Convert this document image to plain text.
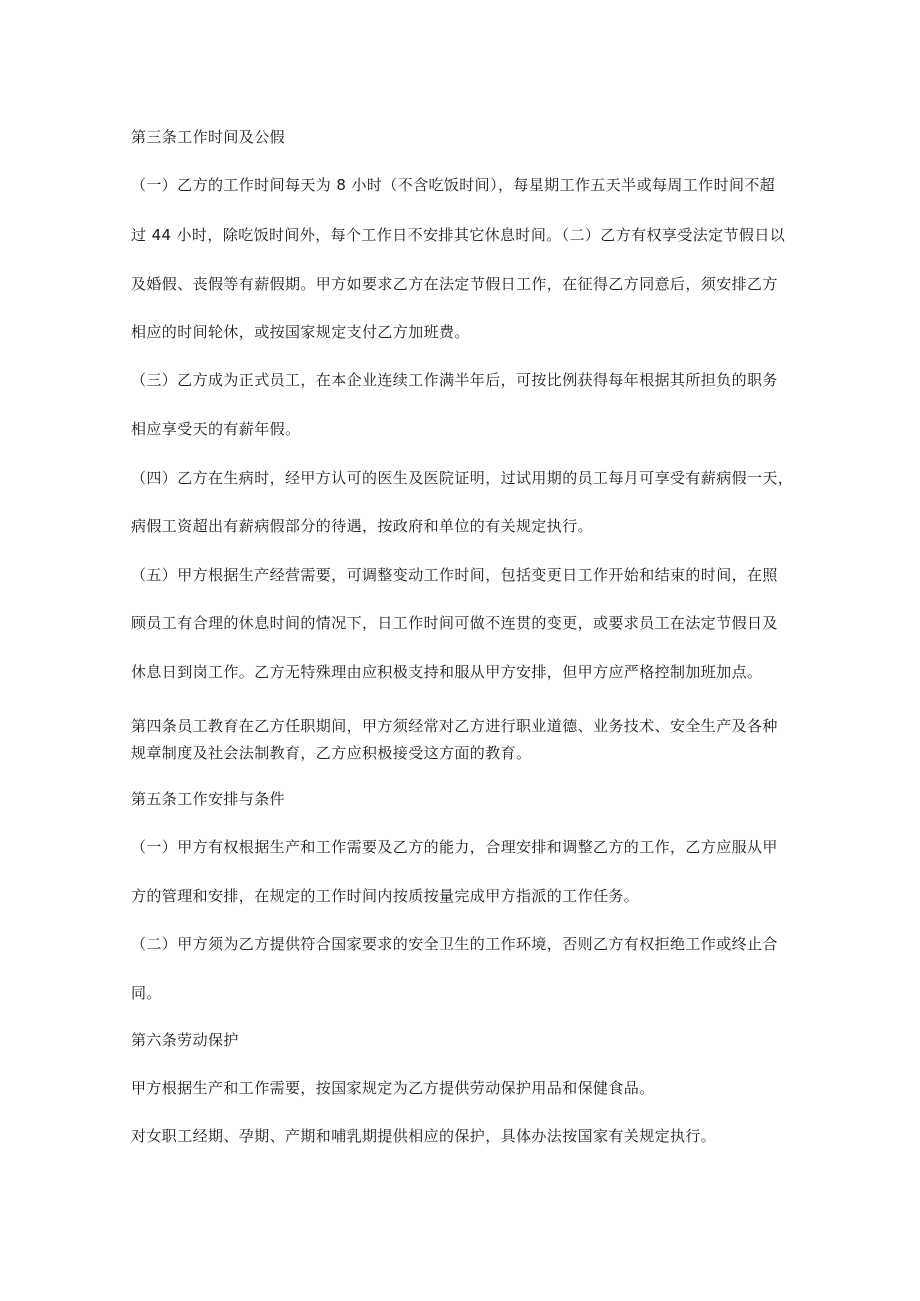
第三条工作时间及公假
（一）乙方的工作时间每天为 8 小时（不含吃饭时间），每星期工作五天半或每周工作时间不超
过 44 小时，除吃饭时间外，每个工作日不安排其它休息时间。（二）乙方有权享受法定节假日以
及婚假、丧假等有薪假期。甲方如要求乙方在法定节假日工作，在征得乙方同意后，须安排乙方
相应的时间轮休，或按国家规定支付乙方加班费。
（三）乙方成为正式员工，在本企业连续工作满半年后，可按比例获得每年根据其所担负的职务
相应享受天的有薪年假。
（四）乙方在生病时，经甲方认可的医生及医院证明，过试用期的员工每月可享受有薪病假一天，
病假工资超出有薪病假部分的待遇，按政府和单位的有关规定执行。
（五）甲方根据生产经营需要，可调整变动工作时间，包括变更日工作开始和结束的时间，在照
顾员工有合理的休息时间的情况下，日工作时间可做不连贯的变更，或要求员工在法定节假日及
休息日到岗工作。乙方无特殊理由应积极支持和服从甲方安排，但甲方应严格控制加班加点。
第四条员工教育在乙方任职期间，甲方须经常对乙方进行职业道德、业务技术、安全生产及各种
规章制度及社会法制教育，乙方应积极接受这方面的教育。
第五条工作安排与条件
（一）甲方有权根据生产和工作需要及乙方的能力，合理安排和调整乙方的工作，乙方应服从甲
方的管理和安排，在规定的工作时间内按质按量完成甲方指派的工作任务。
（二）甲方须为乙方提供符合国家要求的安全卫生的工作环境，否则乙方有权拒绝工作或终止合
同。
第六条劳动保护
甲方根据生产和工作需要，按国家规定为乙方提供劳动保护用品和保健食品。
对女职工经期、孕期、产期和哺乳期提供相应的保护，具体办法按国家有关规定执行。
